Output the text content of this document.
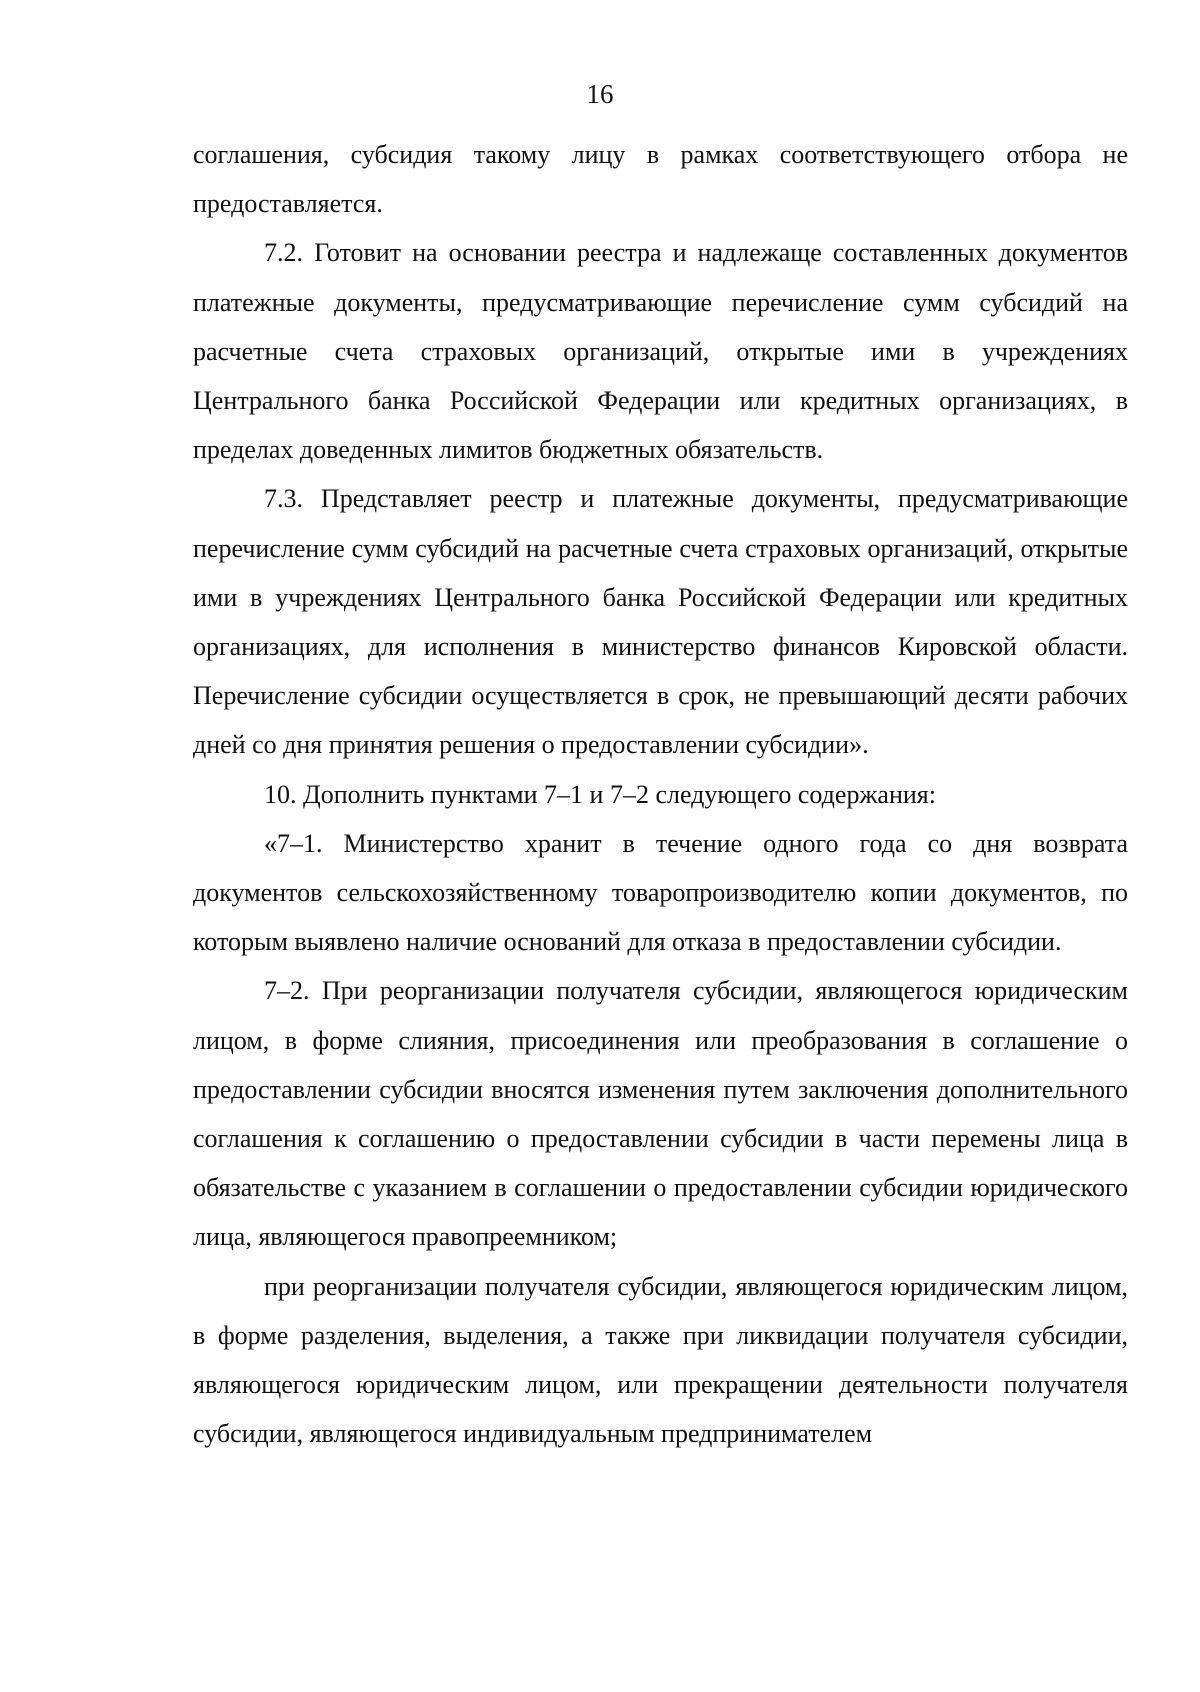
16

соглашения, субсидия такому лицу в рамках соответствующего отбора не предоставляется.

7.2. Готовит на основании реестра и надлежаще составленных документов платежные документы, предусматривающие перечисление сумм субсидий на расчетные счета страховых организаций, открытые ими в учреждениях Центрального банка Российской Федерации или кредитных организациях, в пределах доведенных лимитов бюджетных обязательств.

7.3. Представляет реестр и платежные документы, предусматривающие перечисление сумм субсидий на расчетные счета страховых организаций, открытые ими в учреждениях Центрального банка Российской Федерации или кредитных организациях, для исполнения в министерство финансов Кировской области. Перечисление субсидии осуществляется в срок, не превышающий десяти рабочих дней со дня принятия решения о предоставлении субсидии».

10. Дополнить пунктами 7–1 и 7–2 следующего содержания:

«7–1. Министерство хранит в течение одного года со дня возврата документов сельскохозяйственному товаропроизводителю копии документов, по которым выявлено наличие оснований для отказа в предоставлении субсидии.

7–2. При реорганизации получателя субсидии, являющегося юридическим лицом, в форме слияния, присоединения или преобразования в соглашение о предоставлении субсидии вносятся изменения путем заключения дополнительного соглашения к соглашению о предоставлении субсидии в части перемены лица в обязательстве с указанием в соглашении о предоставлении субсидии юридического лица, являющегося правопреемником;

при реорганизации получателя субсидии, являющегося юридическим лицом, в форме разделения, выделения, а также при ликвидации получателя субсидии, являющегося юридическим лицом, или прекращении деятельности получателя субсидии, являющегося индивидуальным предпринимателем
